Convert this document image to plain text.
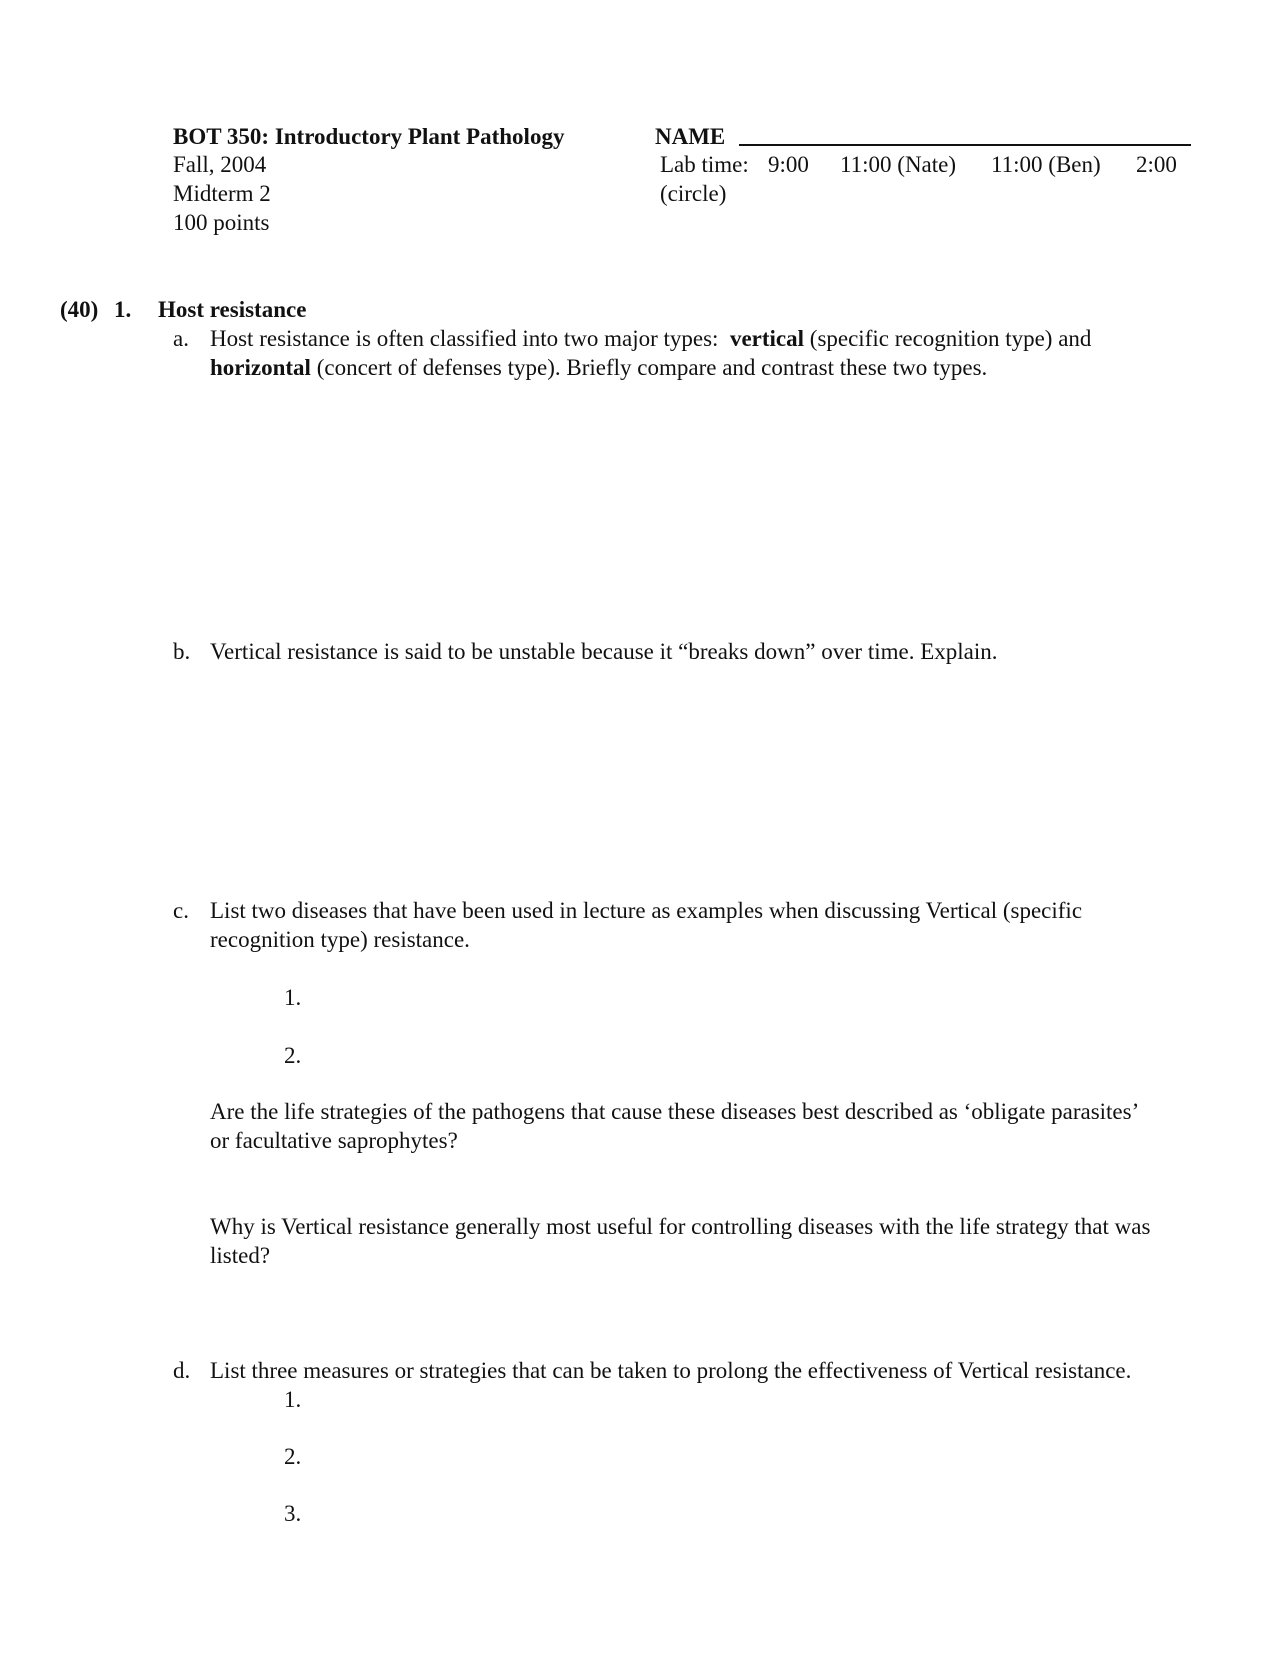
BOT 350: Introductory Plant Pathology
Fall, 2004
Midterm 2
100 points
NAME
Lab time: 9:00 11:00 (Nate) 11:00 (Ben) 2:00
(circle)
(40) 1. Host resistance
a. Host resistance is often classified into two major types: vertical (specific recognition type) and
horizontal (concert of defenses type). Briefly compare and contrast these two types.
b. Vertical resistance is said to be unstable because it “breaks down” over time. Explain.
c. List two diseases that have been used in lecture as examples when discussing Vertical (specific
recognition type) resistance.
1.
2.
Are the life strategies of the pathogens that cause these diseases best described as ‘obligate parasites’
or facultative saprophytes?
Why is Vertical resistance generally most useful for controlling diseases with the life strategy that was
listed?
d. List three measures or strategies that can be taken to prolong the effectiveness of Vertical resistance.
1.
2.
3.
